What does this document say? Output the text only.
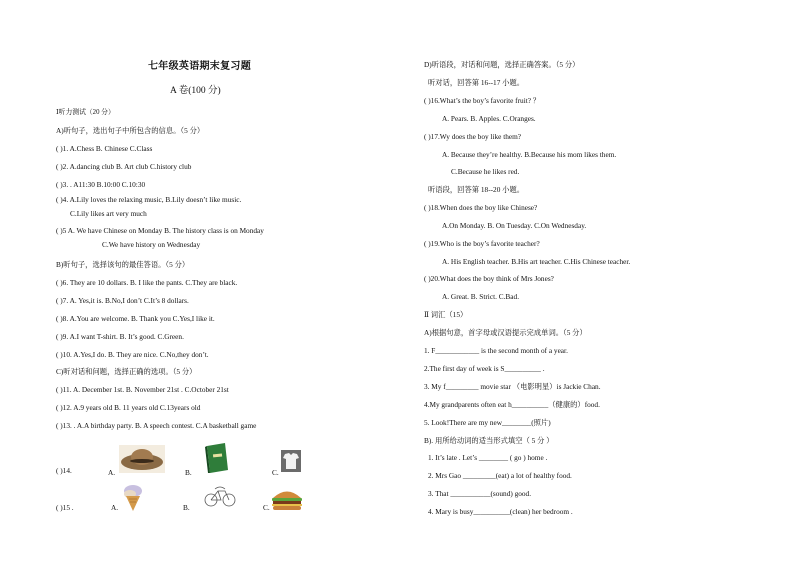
七年级英语期末复习题
A 卷(100 分)
Ⅰ听力测试（20 分）
A)听句子，选出句子中所包含的信息。（5 分）
( )1. A.Chess B. Chinese C.Class
( )2. A.dancing club B. Art club C.history club
( )3. . A11:30 B.10:00 C.10:30
( )4. A.Lily loves the relaxing music, B.Lily doesn’t like music.
C.Lily likes art very much
( )5 A. We have Chinese on Monday B. The history class is on Monday
C.We have history on Wednesday
B)听句子，选择该句的最佳答语。（5 分）
( )6. They are 10 dollars. B. I like the pants. C.They are black.
( )7. A. Yes,it is. B.No,I don’t C.It’s 8 dollars.
( )8. A.You are welcome. B. Thank you C.Yes,I like it.
( )9. A.I want T-shirt. B. It’s good. C.Green.
( )10. A.Yes,I do. B. They are nice. C.No,they don’t.
C)听对话和问题，选择正确的选项。（5 分）
( )11. A. December 1st. B. November 21st . C.October 21st
( )12. A.9 years old B. 11 years old C.13years old
( )13. . A.A birthday party. B. A speech contest. C.A basketball game
( )14.	A.	B.	C.
( )15 .	A.	B.	C.
D)听语段，对话和问题，选择正确答案。（5 分）
听对话，回答第 16--17 小题。
( )16.What’s the boy’s favorite fruit? ？
A. Pears. B. Apples. C.Oranges.
( )17.Wy does the boy like them?
A. Because they’re healthy. B.Because his mom likes them.
C.Because he likes red.
听语段，回答第 18--20 小题。
( )18.When does the boy like Chinese?
A.On Monday. B. On Tuesday. C.On Wednesday.
( )19.Who is the boy’s favorite teacher?
A. His English teacher. B.His art teacher. C.His Chinese teacher.
( )20.What does the boy think of Mrs Jones?
A. Great. B. Strict. C.Bad.
Ⅱ 词汇（15）
A)根据句意，首字母或汉语提示完成单词。（5 分）
1. F____________ is the second month of a year.
2.The first day of week is S__________ .
3. My f_________ movie star （电影明星）is Jackie Chan.
4.My grandparents often eat h__________（健康的）food.
5. Look!There are my new________(照片)
B). 用所给动词的适当形式填空（ 5 分 ）
1. It’s late . Let’s ________ ( go ) home .
2. Mrs Gao _________(eat) a lot of healthy food.
3. That ___________(sound) good.
4. Mary is busy__________(clean) her bedroom .
